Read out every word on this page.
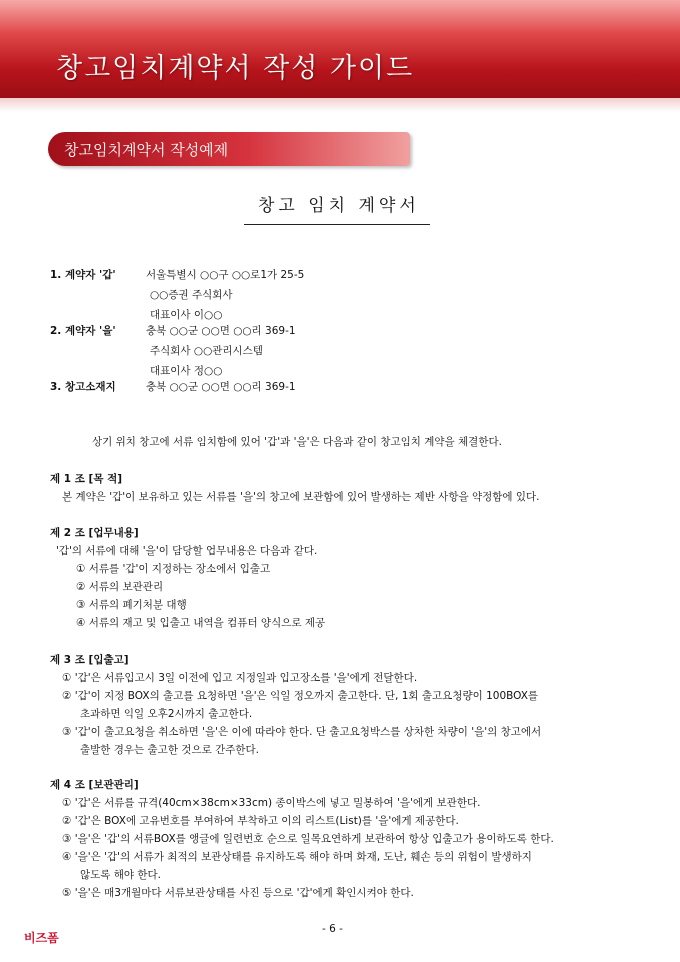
창고임치계약서 작성 가이드
창고임치계약서 작성예제
창고 임치 계약서
1. 계약자 '갑'	서울특별시 ○○구 ○○로1가 25-5
○○증권 주식회사
대표이사 이○○
2. 계약자 '을'	충북 ○○군 ○○면 ○○리 369-1
주식회사 ○○관리시스템
대표이사 정○○
3. 창고소재지	충북 ○○군 ○○면 ○○리 369-1
상기 위치 창고에 서류 임치함에 있어 '갑'과 '을'은 다음과 같이 창고임치 계약을 체결한다.
제 1 조 [목 적]
본 계약은 '갑'이 보유하고 있는 서류를 '을'의 창고에 보관함에 있어 발생하는 제반 사항을 약정함에 있다.
제 2 조 [업무내용]
'갑'의 서류에 대해 '을'이 담당할 업무내용은 다음과 같다.
① 서류를 '갑'이 지정하는 장소에서 입출고
② 서류의 보관관리
③ 서류의 폐기처분 대행
④ 서류의 재고 및 입출고 내역을 컴퓨터 양식으로 제공
제 3 조 [입출고]
① '갑'은 서류입고시 3일 이전에 입고 지정일과 입고장소를 '을'에게 전달한다.
② '갑'이 지정 BOX의 출고를 요청하면 '을'은 익일 정오까지 출고한다. 단, 1회 출고요청량이 100BOX를
초과하면 익일 오후2시까지 출고한다.
③ '갑'이 출고요청을 취소하면 '을'은 이에 따라야 한다. 단 출고요청박스를 상차한 차량이 '을'의 창고에서
출발한 경우는 출고한 것으로 간주한다.
제 4 조 [보관관리]
① '갑'은 서류를 규격(40cm×38cm×33cm) 종이박스에 넣고 밀봉하여 '을'에게 보관한다.
② '갑'은 BOX에 고유번호를 부여하여 부착하고 이의 리스트(List)를 '을'에게 제공한다.
③ '을'은 '갑'의 서류BOX를 앵글에 일련번호 순으로 일목요연하게 보관하여 항상 입출고가 용이하도록 한다.
④ '을'은 '갑'의 서류가 최적의 보관상태를 유지하도록 해야 하며 화재, 도난, 훼손 등의 위험이 발생하지
않도록 해야 한다.
⑤ '을'은 매3개월마다 서류보관상태를 사진 등으로 '갑'에게 확인시켜야 한다.
비즈폼
- 6 -
